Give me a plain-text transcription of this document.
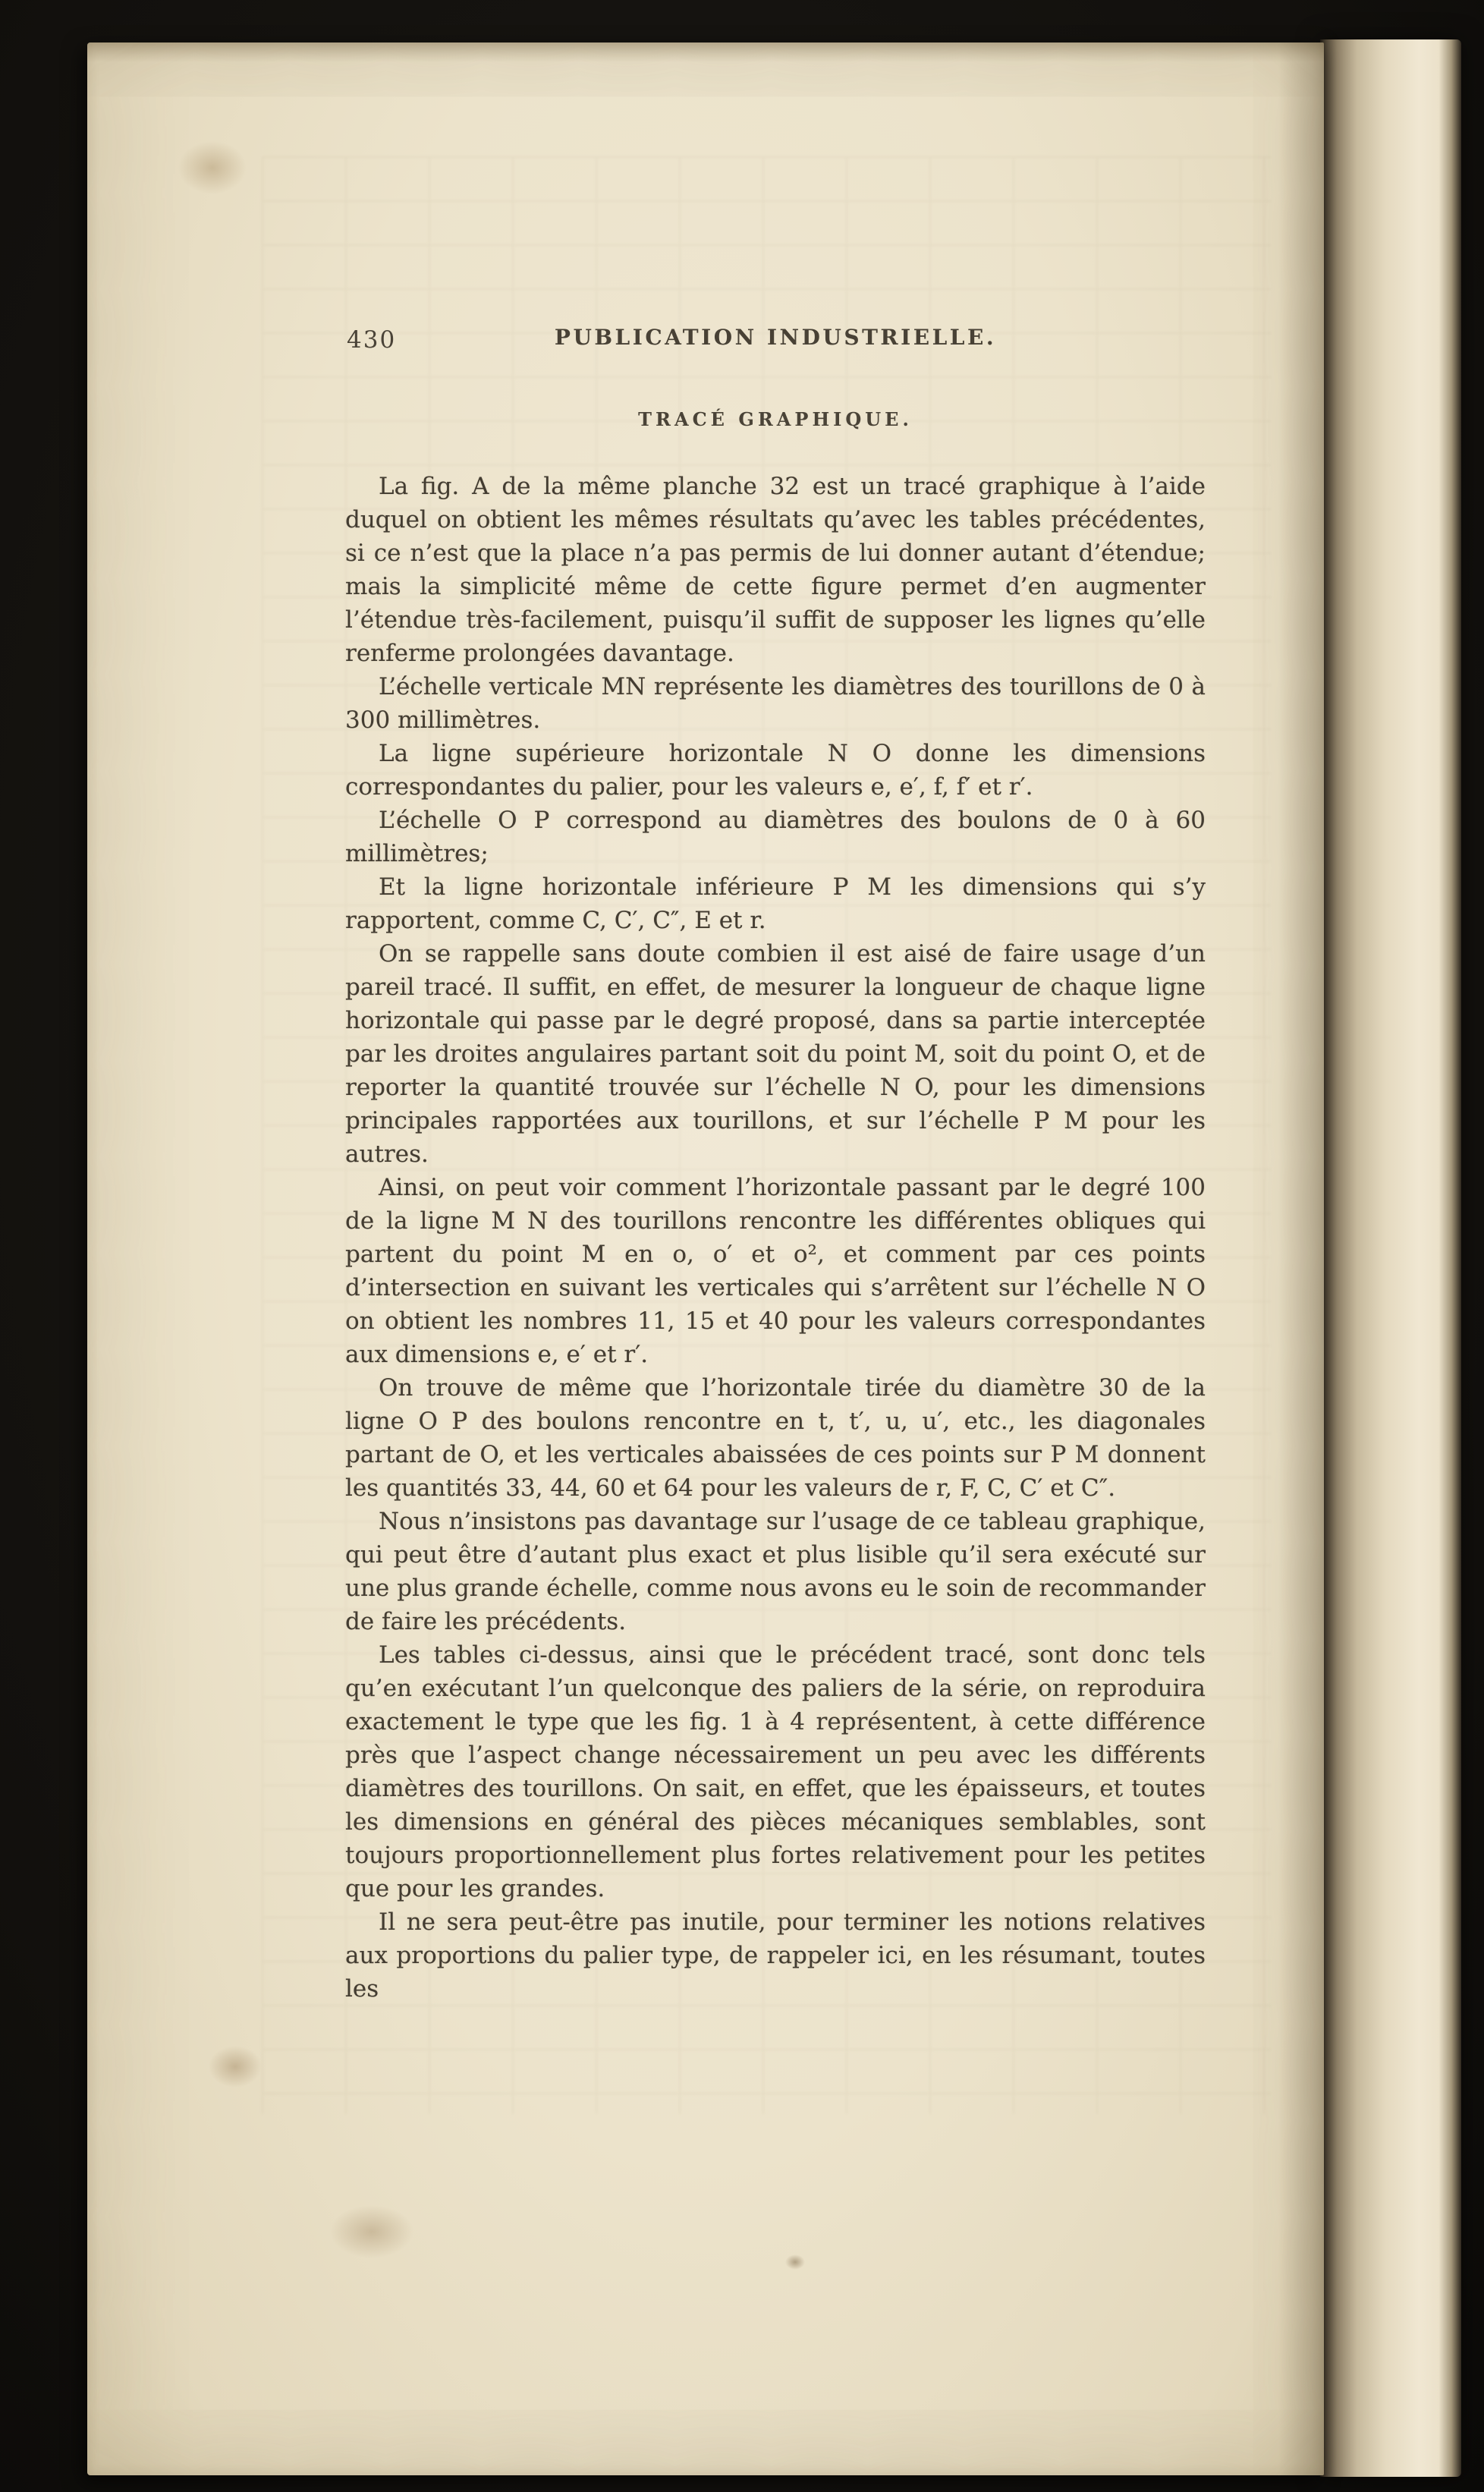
430	PUBLICATION INDUSTRIELLE.
TRACÉ GRAPHIQUE.

La fig. A de la même planche 32 est un tracé graphique à l’aide duquel on obtient les mêmes résultats qu’avec les tables précédentes, si ce n’est que la place n’a pas permis de lui donner autant d’étendue; mais la simplicité même de cette figure permet d’en augmenter l’étendue très-facilement, puisqu’il suffit de supposer les lignes qu’elle renferme prolongées davantage.

L’échelle verticale MN représente les diamètres des tourillons de 0 à 300 millimètres.

La ligne supérieure horizontale N O donne les dimensions correspondantes du palier, pour les valeurs e, e′, f, f′ et r′.

L’échelle O P correspond au diamètres des boulons de 0 à 60 millimètres;

Et la ligne horizontale inférieure P M les dimensions qui s’y rapportent, comme C, C′, C″, E et r.

On se rappelle sans doute combien il est aisé de faire usage d’un pareil tracé. Il suffit, en effet, de mesurer la longueur de chaque ligne horizontale qui passe par le degré proposé, dans sa partie interceptée par les droites angulaires partant soit du point M, soit du point O, et de reporter la quantité trouvée sur l’échelle N O, pour les dimensions principales rapportées aux tourillons, et sur l’échelle P M pour les autres.

Ainsi, on peut voir comment l’horizontale passant par le degré 100 de la ligne M N des tourillons rencontre les différentes obliques qui partent du point M en o, o′ et o², et comment par ces points d’intersection en suivant les verticales qui s’arrêtent sur l’échelle N O on obtient les nombres 11, 15 et 40 pour les valeurs correspondantes aux dimensions e, e′ et r′.

On trouve de même que l’horizontale tirée du diamètre 30 de la ligne O P des boulons rencontre en t, t′, u, u′, etc., les diagonales partant de O, et les verticales abaissées de ces points sur P M donnent les quantités 33, 44, 60 et 64 pour les valeurs de r, F, C, C′ et C″.

Nous n’insistons pas davantage sur l’usage de ce tableau graphique, qui peut être d’autant plus exact et plus lisible qu’il sera exécuté sur une plus grande échelle, comme nous avons eu le soin de recommander de faire les précédents.

Les tables ci-dessus, ainsi que le précédent tracé, sont donc tels qu’en exécutant l’un quelconque des paliers de la série, on reproduira exactement le type que les fig. 1 à 4 représentent, à cette différence près que l’aspect change nécessairement un peu avec les différents diamètres des tourillons. On sait, en effet, que les épaisseurs, et toutes les dimensions en général des pièces mécaniques semblables, sont toujours proportionnellement plus fortes relativement pour les petites que pour les grandes.

Il ne sera peut-être pas inutile, pour terminer les notions relatives aux proportions du palier type, de rappeler ici, en les résumant, toutes les
